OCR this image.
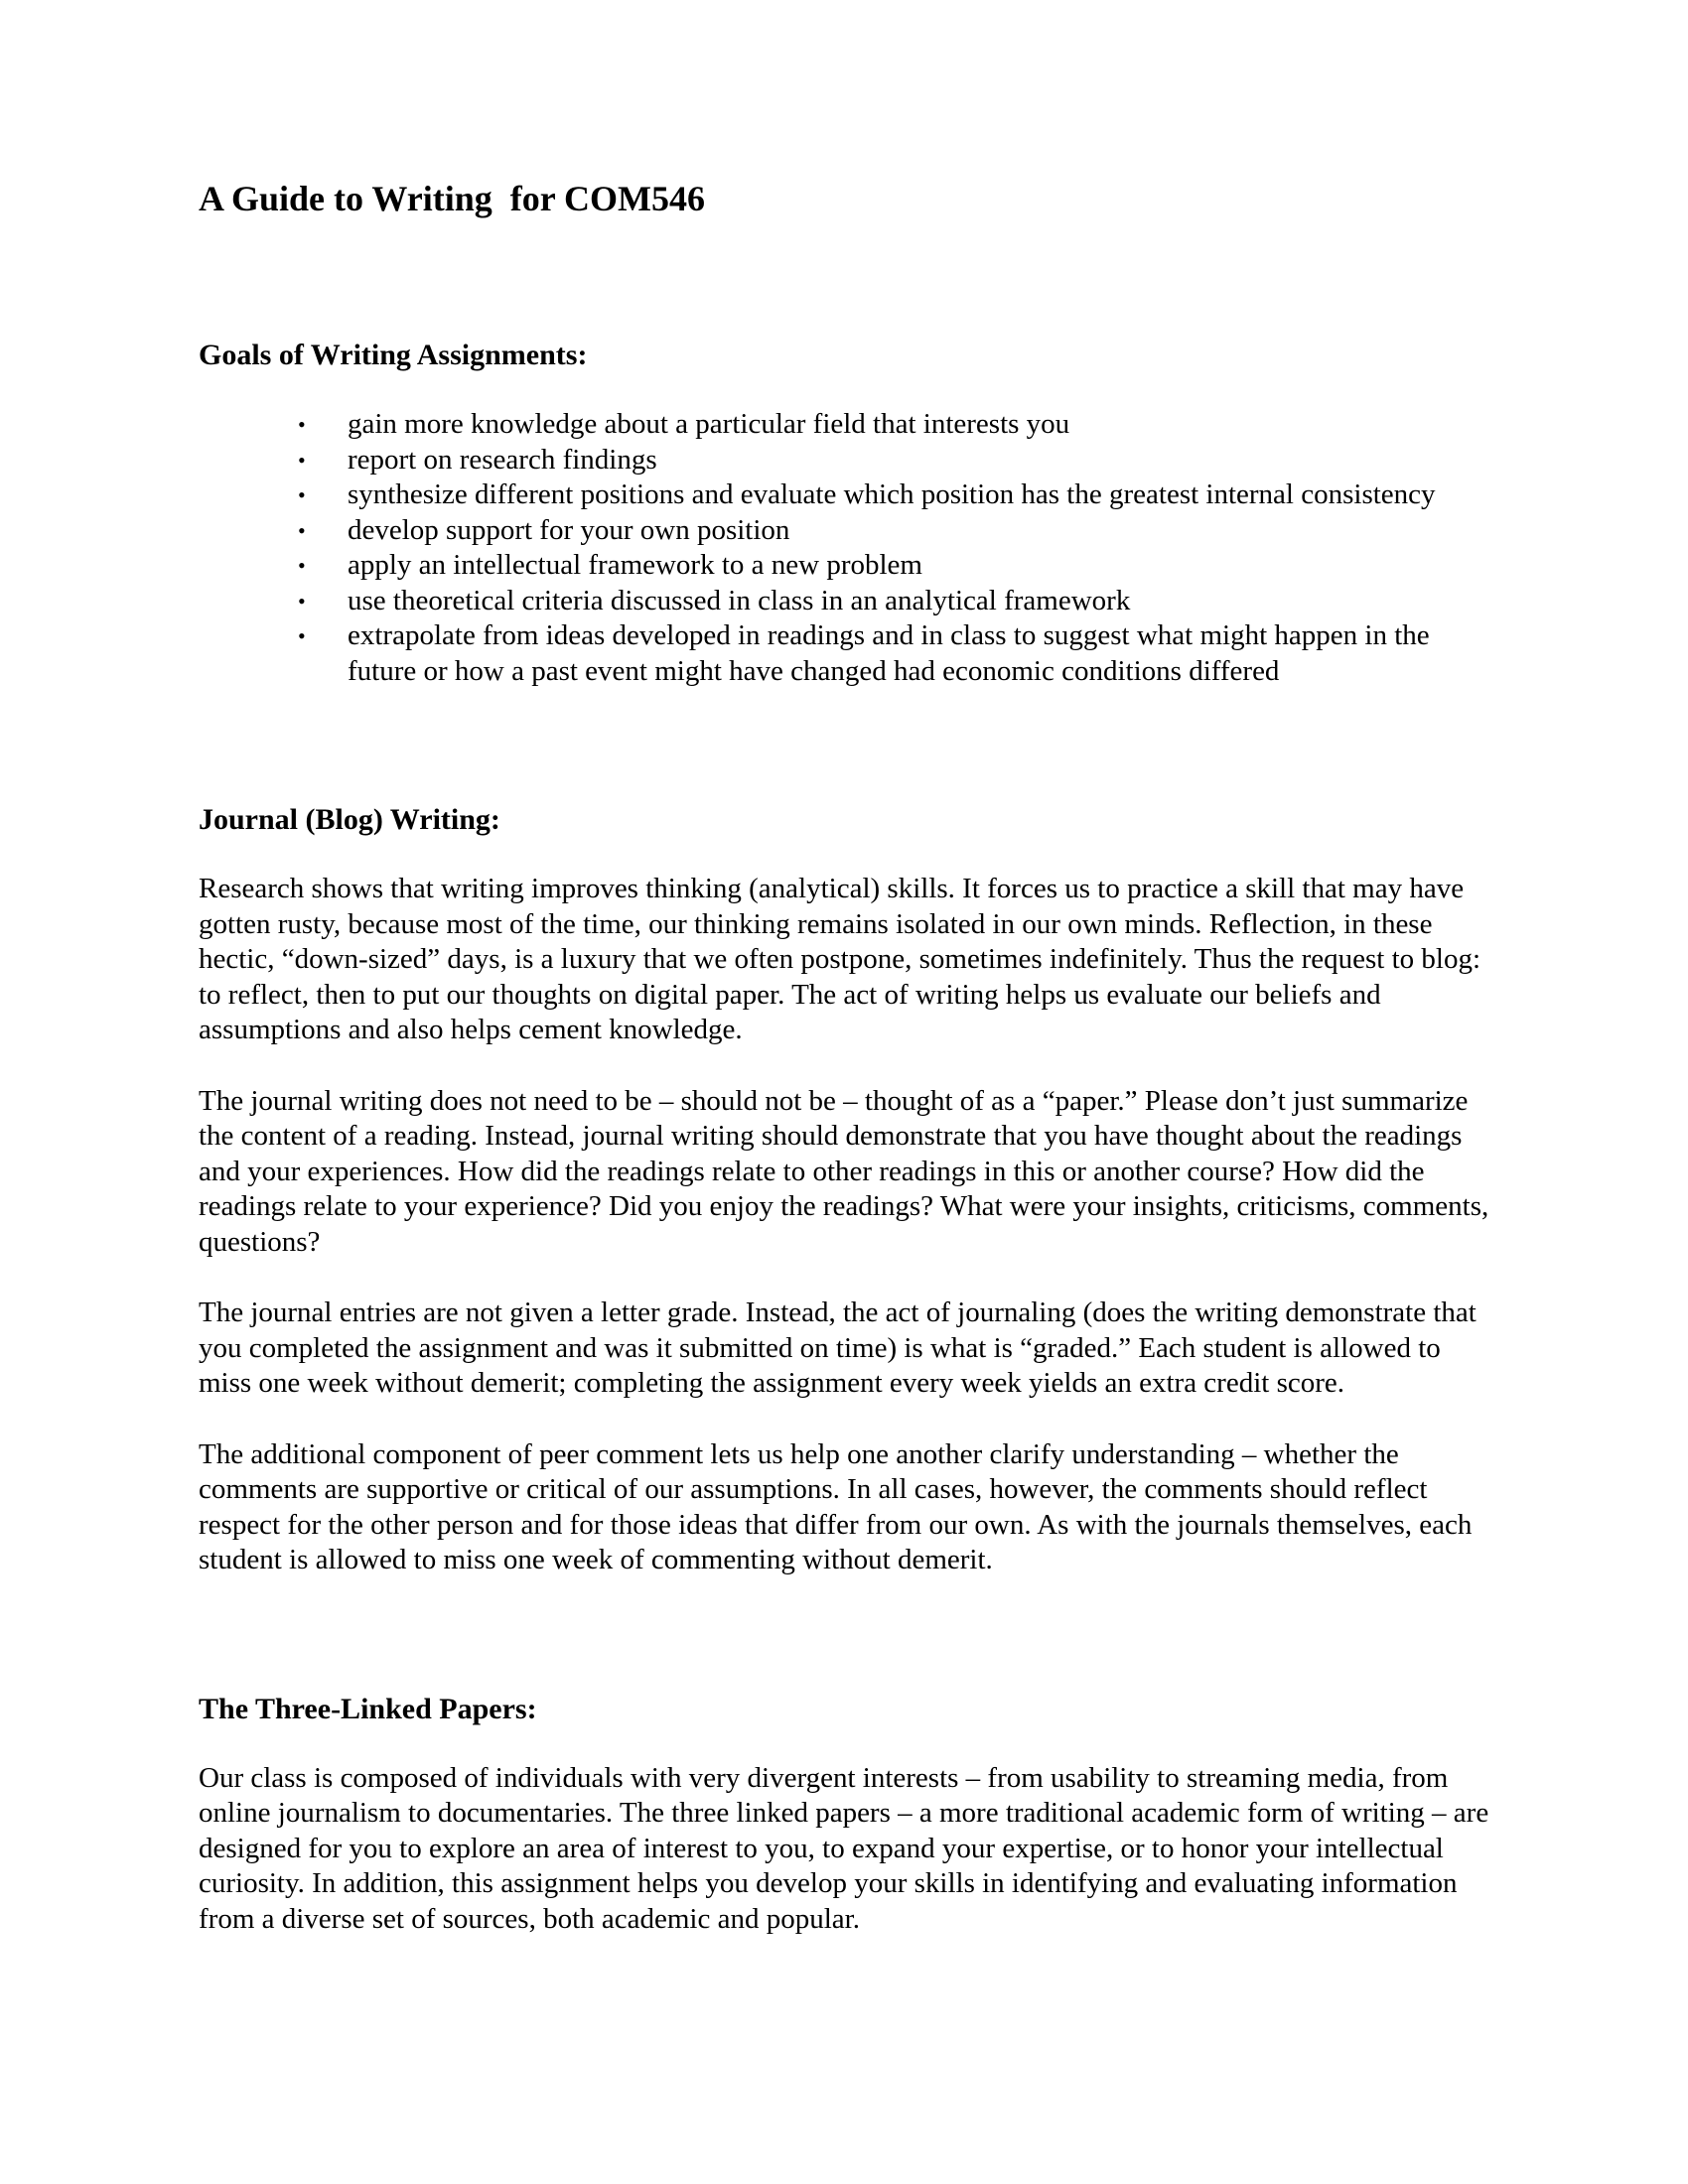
A Guide to Writing  for COM546
Goals of Writing Assignments:
• gain more knowledge about a particular field that interests you
• report on research findings
• synthesize different positions and evaluate which position has the greatest internal consistency
• develop support for your own position
• apply an intellectual framework to a new problem
• use theoretical criteria discussed in class in an analytical framework
• extrapolate from ideas developed in readings and in class to suggest what might happen in the future or how a past event might have changed had economic conditions differed
Journal (Blog) Writing:

Research shows that writing improves thinking (analytical) skills. It forces us to practice a skill that may have gotten rusty, because most of the time, our thinking remains isolated in our own minds. Reflection, in these hectic, “down-sized” days, is a luxury that we often postpone, sometimes indefinitely. Thus the request to blog: to reflect, then to put our thoughts on digital paper. The act of writing helps us evaluate our beliefs and assumptions and also helps cement knowledge.

The journal writing does not need to be – should not be – thought of as a “paper.” Please don’t just summarize the content of a reading. Instead, journal writing should demonstrate that you have thought about the readings and your experiences. How did the readings relate to other readings in this or another course? How did the readings relate to your experience? Did you enjoy the readings? What were your insights, criticisms, comments, questions?

The journal entries are not given a letter grade. Instead, the act of journaling (does the writing demonstrate that you completed the assignment and was it submitted on time) is what is “graded.” Each student is allowed to miss one week without demerit; completing the assignment every week yields an extra credit score.

The additional component of peer comment lets us help one another clarify understanding – whether the comments are supportive or critical of our assumptions. In all cases, however, the comments should reflect respect for the other person and for those ideas that differ from our own. As with the journals themselves, each student is allowed to miss one week of commenting without demerit.

The Three-Linked Papers:

Our class is composed of individuals with very divergent interests – from usability to streaming media, from online journalism to documentaries. The three linked papers – a more traditional academic form of writing – are designed for you to explore an area of interest to you, to expand your expertise, or to honor your intellectual curiosity. In addition, this assignment helps you develop your skills in identifying and evaluating information from a diverse set of sources, both academic and popular.
